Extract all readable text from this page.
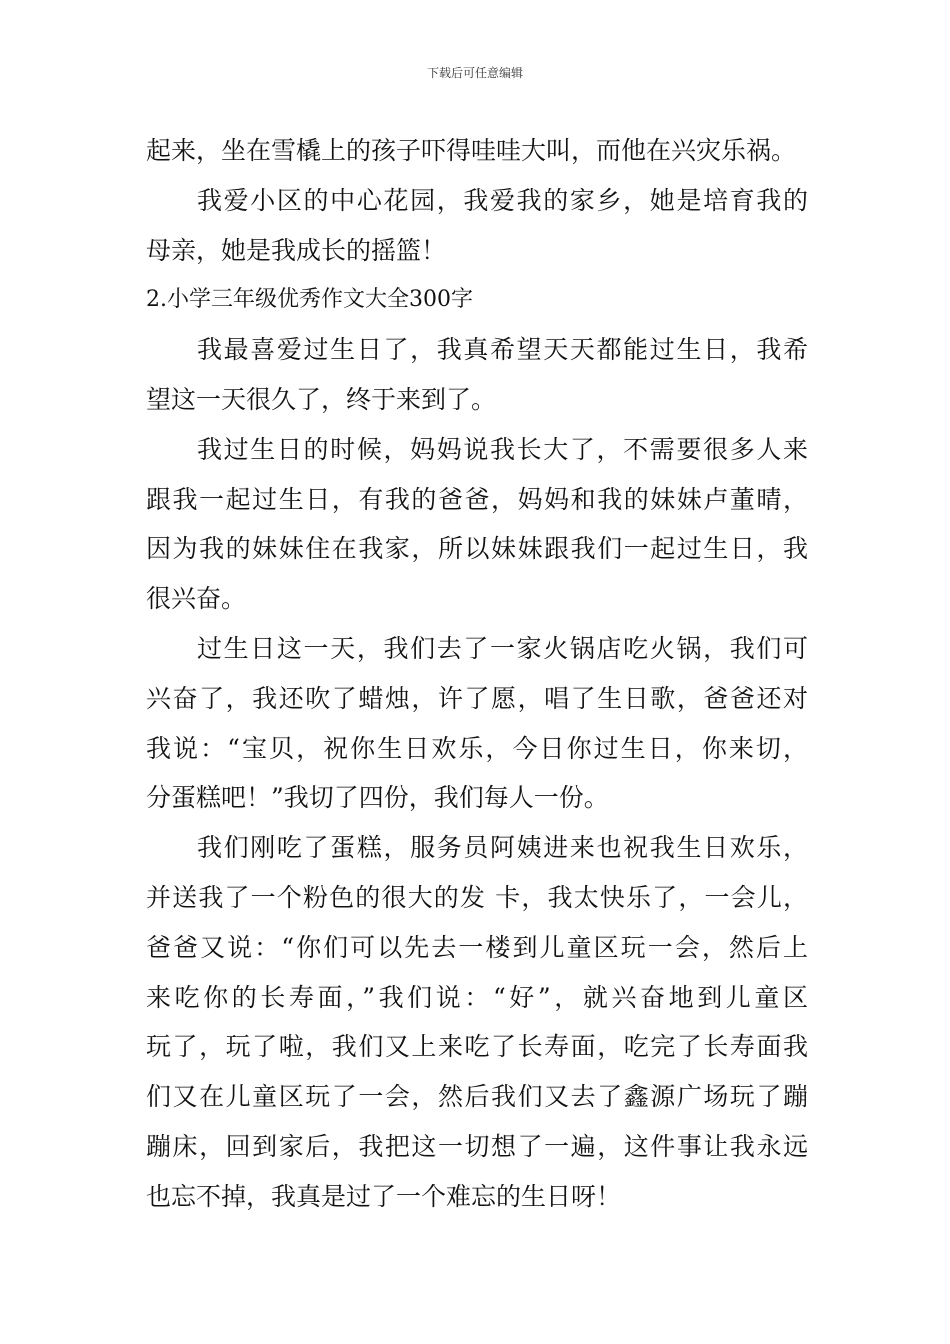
下载后可任意编辑
起来，坐在雪橇上的孩子吓得哇哇大叫，而他在兴灾乐祸。
我爱小区的中心花园，我爱我的家乡，她是培育我的
母亲，她是我成长的摇篮！
2.小学三年级优秀作文大全300字
我最喜爱过生日了，我真希望天天都能过生日，我希
望这一天很久了，终于来到了。
我过生日的时候，妈妈说我长大了，不需要很多人来
跟我一起过生日，有我的爸爸，妈妈和我的妹妹卢董晴，
因为我的妹妹住在我家，所以妹妹跟我们一起过生日，我
很兴奋。
过生日这一天，我们去了一家火锅店吃火锅，我们可
兴奋了，我还吹了蜡烛，许了愿，唱了生日歌，爸爸还对
我说：“宝贝，祝你生日欢乐，今日你过生日，你来切，
分蛋糕吧！”我切了四份，我们每人一份。
我们刚吃了蛋糕，服务员阿姨进来也祝我生日欢乐，
并送我了一个粉色的很大的发 卡，我太快乐了，一会儿，
爸爸又说：“你们可以先去一楼到儿童区玩一会，然后上
来吃你的长寿面，”我们说：“好”，就兴奋地到儿童区
玩了，玩了啦，我们又上来吃了长寿面，吃完了长寿面我
们又在儿童区玩了一会，然后我们又去了鑫源广场玩了蹦
蹦床，回到家后，我把这一切想了一遍，这件事让我永远
也忘不掉，我真是过了一个难忘的生日呀！
